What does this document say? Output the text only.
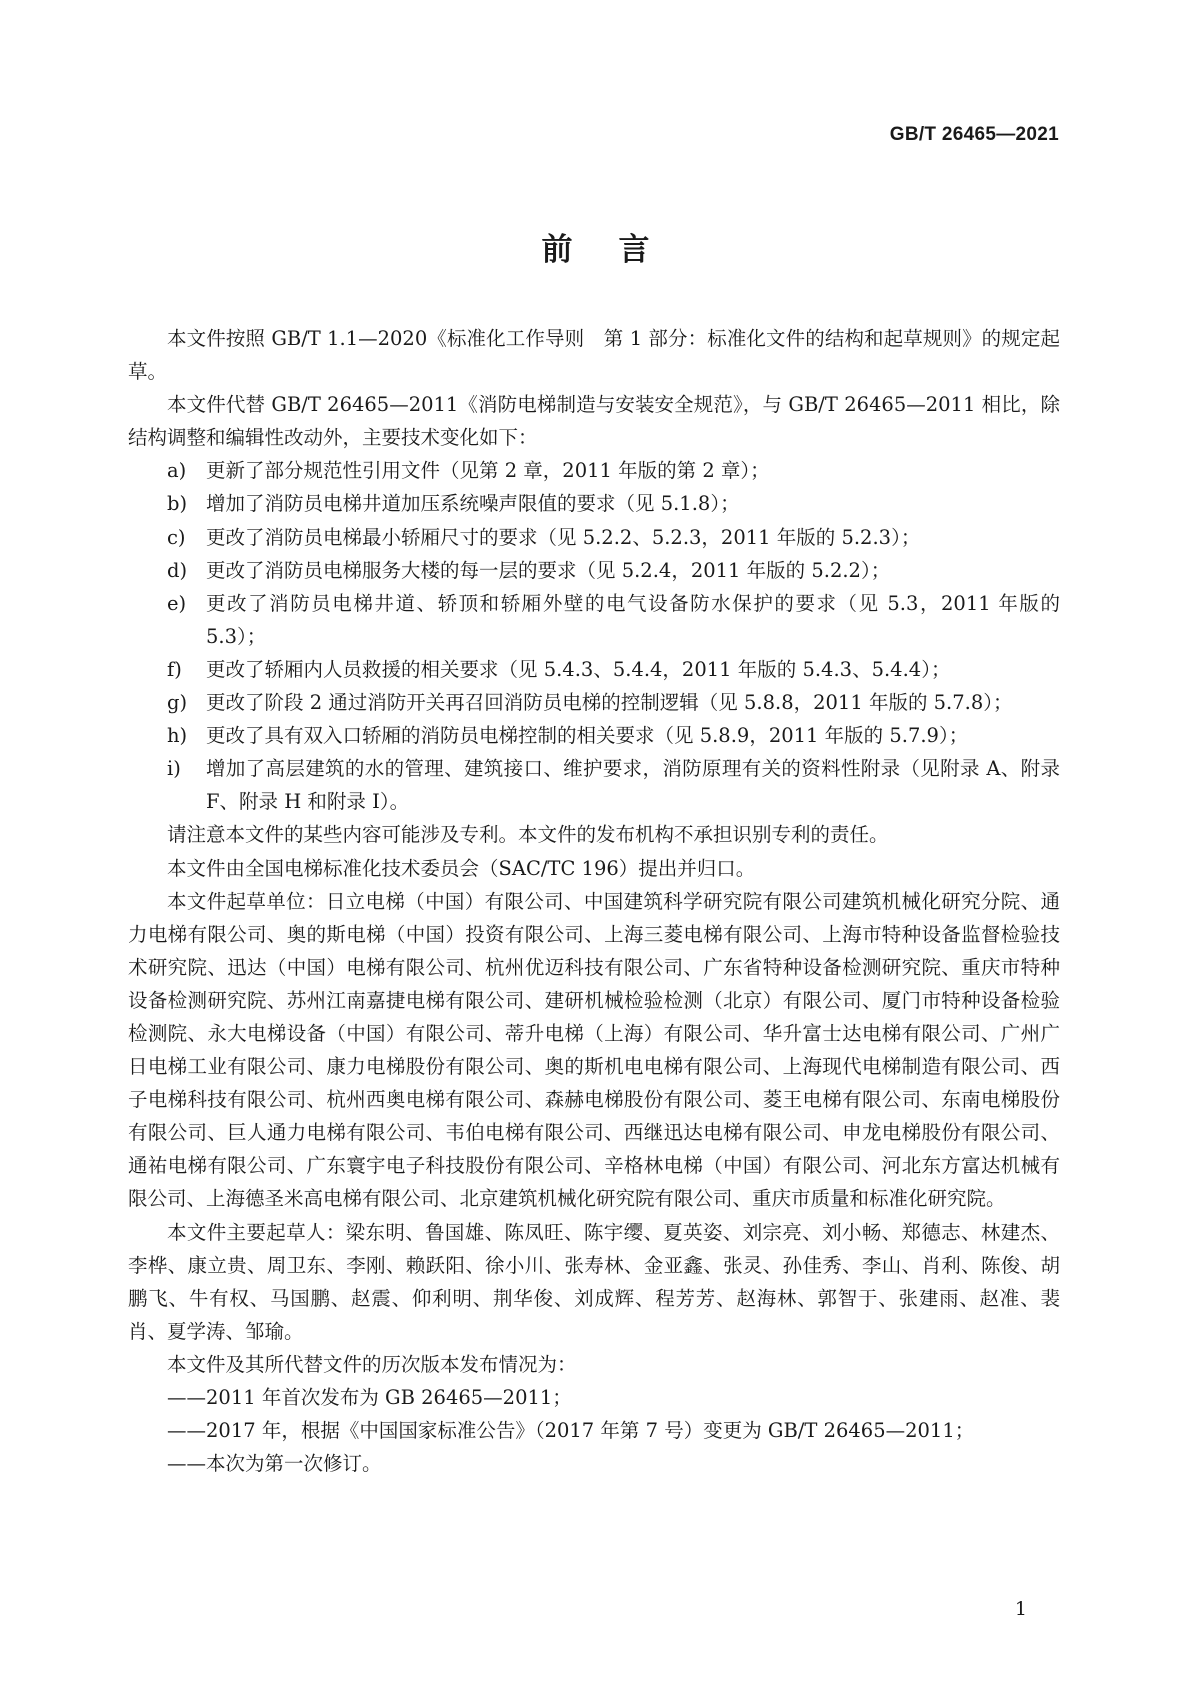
GB/T 26465—2021
前言

本文件按照 GB/T 1.1—2020《标准化工作导则　第 1 部分：标准化文件的结构和起草规则》的规定起草。

本文件代替 GB/T 26465—2011《消防电梯制造与安装安全规范》，与 GB/T 26465—2011 相比，除结构调整和编辑性改动外，主要技术变化如下：

a)	更新了部分规范性引用文件（见第 2 章，2011 年版的第 2 章）；
b) 增加了消防员电梯井道加压系统噪声限值的要求（见 5.1.8）；
c)	更改了消防员电梯最小轿厢尺寸的要求（见 5.2.2、5.2.3，2011 年版的 5.2.3）；
d) 更改了消防员电梯服务大楼的每一层的要求（见 5.2.4，2011 年版的 5.2.2）；
e)	更改了消防员电梯井道、轿顶和轿厢外壁的电气设备防水保护的要求（见 5.3，2011 年版的 5.3）；
f)	更改了轿厢内人员救援的相关要求（见 5.4.3、5.4.4，2011 年版的 5.4.3、5.4.4）；
g) 更改了阶段 2 通过消防开关再召回消防员电梯的控制逻辑（见 5.8.8，2011 年版的 5.7.8）；
h) 更改了具有双入口轿厢的消防员电梯控制的相关要求（见 5.8.9，2011 年版的 5.7.9）；
i)	增加了高层建筑的水的管理、建筑接口、维护要求，消防原理有关的资料性附录（见附录 A、附录 F、附录 H 和附录 I）。

请注意本文件的某些内容可能涉及专利。本文件的发布机构不承担识别专利的责任。

本文件由全国电梯标准化技术委员会（SAC/TC 196）提出并归口。

本文件起草单位：日立电梯（中国）有限公司、中国建筑科学研究院有限公司建筑机械化研究分院、通力电梯有限公司、奥的斯电梯（中国）投资有限公司、上海三菱电梯有限公司、上海市特种设备监督检验技术研究院、迅达（中国）电梯有限公司、杭州优迈科技有限公司、广东省特种设备检测研究院、重庆市特种设备检测研究院、苏州江南嘉捷电梯有限公司、建研机械检验检测（北京）有限公司、厦门市特种设备检验检测院、永大电梯设备（中国）有限公司、蒂升电梯（上海）有限公司、华升富士达电梯有限公司、广州广日电梯工业有限公司、康力电梯股份有限公司、奥的斯机电电梯有限公司、上海现代电梯制造有限公司、西子电梯科技有限公司、杭州西奥电梯有限公司、森赫电梯股份有限公司、菱王电梯有限公司、东南电梯股份有限公司、巨人通力电梯有限公司、韦伯电梯有限公司、西继迅达电梯有限公司、申龙电梯股份有限公司、通祐电梯有限公司、广东寰宇电子科技股份有限公司、辛格林电梯（中国）有限公司、河北东方富达机械有限公司、上海德圣米高电梯有限公司、北京建筑机械化研究院有限公司、重庆市质量和标准化研究院。

本文件主要起草人：梁东明、鲁国雄、陈凤旺、陈宇缨、夏英姿、刘宗亮、刘小畅、郑德志、林建杰、李桦、康立贵、周卫东、李刚、赖跃阳、徐小川、张寿林、金亚鑫、张灵、孙佳秀、李山、肖利、陈俊、胡鹏飞、牛有权、马国鹏、赵震、仰利明、荆华俊、刘成辉、程芳芳、赵海林、郭智于、张建雨、赵准、裴肖、夏学涛、邹瑜。

本文件及其所代替文件的历次版本发布情况为：

——2011 年首次发布为 GB 26465—2011；

——2017 年，根据《中国国家标准公告》（2017 年第 7 号）变更为 GB/T 26465—2011；

——本次为第一次修订。

1
